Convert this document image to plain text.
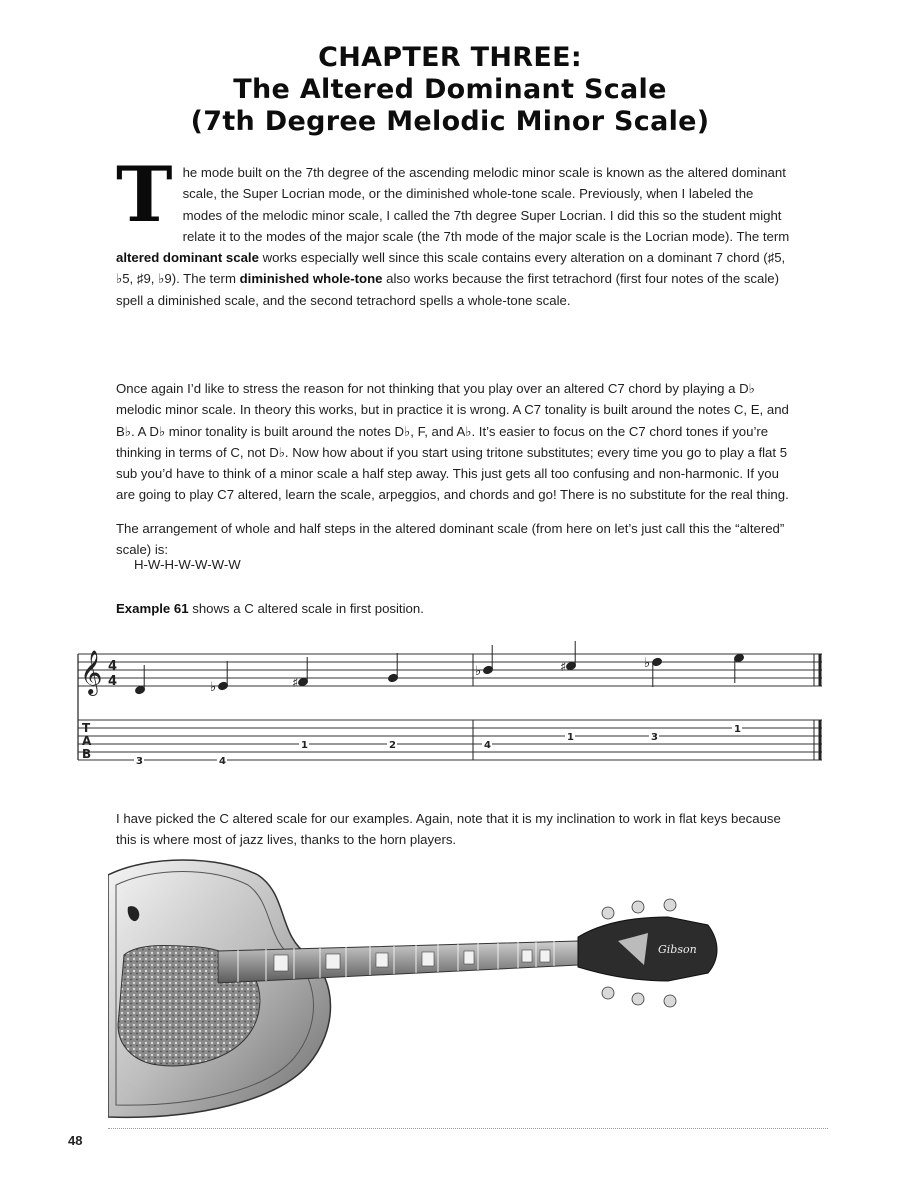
CHAPTER THREE:
The Altered Dominant Scale
(7th Degree Melodic Minor Scale)
The mode built on the 7th degree of the ascending melodic minor scale is known as the altered dominant scale, the Super Locrian mode, or the diminished whole-tone scale. Previously, when I labeled the modes of the melodic minor scale, I called the 7th degree Super Locrian. I did this so the student might relate it to the modes of the major scale (the 7th mode of the major scale is the Locrian mode). The term altered dominant scale works especially well since this scale contains every alteration on a dominant 7 chord (♯5, ♭5, ♯9, ♭9). The term diminished whole-tone also works because the first tetrachord (first four notes of the scale) spell a diminished scale, and the second tetrachord spells a whole-tone scale.
Once again I’d like to stress the reason for not thinking that you play over an altered C7 chord by playing a D♭ melodic minor scale. In theory this works, but in practice it is wrong. A C7 tonality is built around the notes C, E, and B♭. A D♭ minor tonality is built around the notes D♭, F, and A♭. It’s easier to focus on the C7 chord tones if you’re thinking in terms of C, not D♭. Now how about if you start using tritone substitutes; every time you go to play a flat 5 sub you’d have to think of a minor scale a half step away. This just gets all too confusing and non-harmonic. If you are going to play C7 altered, learn the scale, arpeggios, and chords and go! There is no substitute for the real thing.
The arrangement of whole and half steps in the altered dominant scale (from here on let’s just call this the “altered” scale) is:
H-W-H-W-W-W-W
Example 61 shows a C altered scale in first position.
𝄞 4
4
T
A
B
♭	♯
♭	♯	♭
3	4
1	2	4
1	3
1
I have picked the C altered scale for our examples. Again, note that it is my inclination to work in flat keys because this is where most of jazz lives, thanks to the horn players.
Gibson
48
